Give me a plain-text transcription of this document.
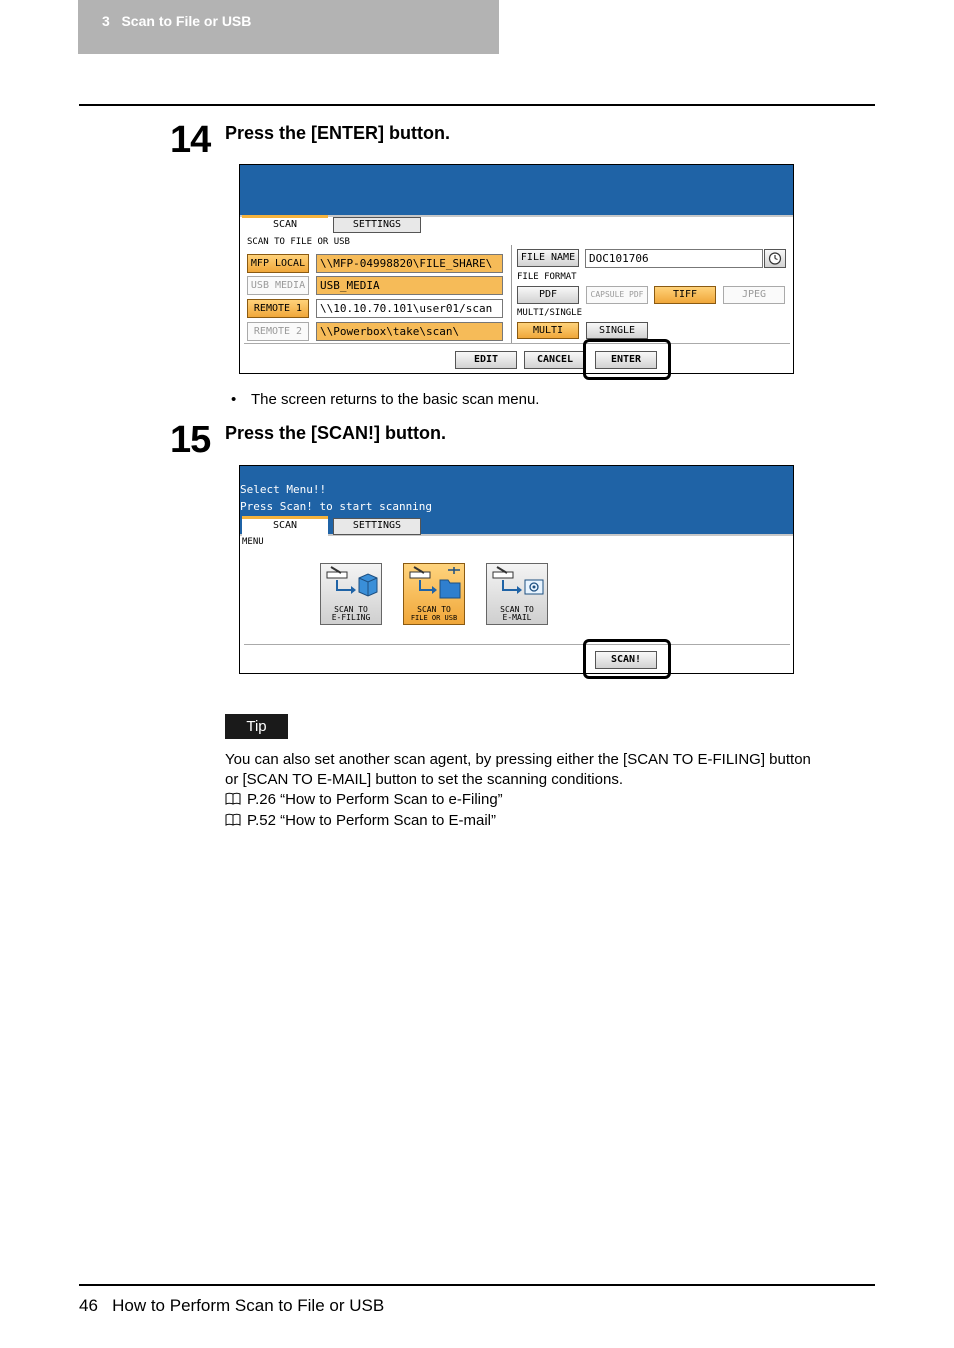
3 Scan to File or USB
14 Press the [ENTER] button.
SCAN	SETTINGS
SCAN TO FILE OR USB
MFP LOCAL	\\MFP-04998820\FILE_SHARE\
USB MEDIA	USB_MEDIA
REMOTE 1	\\10.10.70.101\user01/scan
REMOTE 2	\\Powerbox\take\scan\
FILE NAME	DOC101706
FILE FORMAT
PDF	CAPSULE PDF	TIFF	JPEG
MULTI/SINGLE
MULTI	SINGLE
EDIT	CANCEL	ENTER
• The screen returns to the basic scan menu.
15 Press the [SCAN!] button.
Select Menu!!
Press Scan! to start scanning
SCAN	SETTINGS
MENU
SCAN TO
E-FILING
SCAN TO
FILE OR USB
SCAN TO
E-MAIL
SCAN!
Tip
You can also set another scan agent, by pressing either the [SCAN TO E-FILING] button
or [SCAN TO E-MAIL] button to set the scanning conditions.
P.26 “How to Perform Scan to e-Filing”
P.52 “How to Perform Scan to E-mail”
46 How to Perform Scan to File or USB
